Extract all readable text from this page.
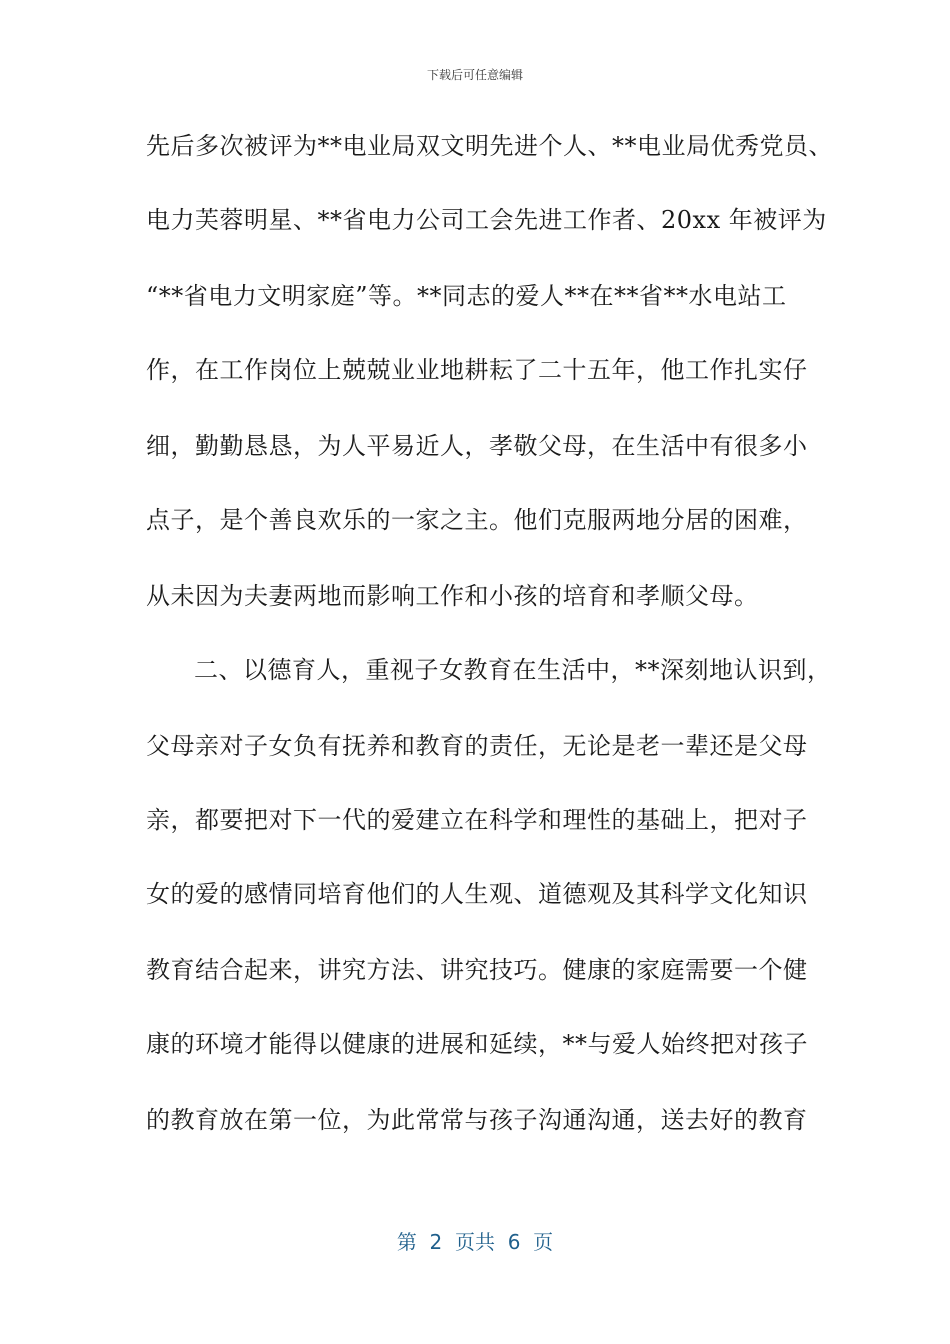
下载后可任意编辑
先后多次被评为**电业局双文明先进个人、**电业局优秀党员、
电力芙蓉明星、**省电力公司工会先进工作者、20xx 年被评为
“**省电力文明家庭”等。**同志的爱人**在**省**水电站工
作，在工作岗位上兢兢业业地耕耘了二十五年，他工作扎实仔
细，勤勤恳恳，为人平易近人，孝敬父母，在生活中有很多小
点子，是个善良欢乐的一家之主。他们克服两地分居的困难，
从未因为夫妻两地而影响工作和小孩的培育和孝顺父母。
二、以德育人，重视子女教育在生活中，**深刻地认识到，
父母亲对子女负有抚养和教育的责任，无论是老一辈还是父母
亲，都要把对下一代的爱建立在科学和理性的基础上，把对子
女的爱的感情同培育他们的人生观、道德观及其科学文化知识
教育结合起来，讲究方法、讲究技巧。健康的家庭需要一个健
康的环境才能得以健康的进展和延续，**与爱人始终把对孩子
的教育放在第一位，为此常常与孩子沟通沟通，送去好的教育
第  2  页共  6  页
